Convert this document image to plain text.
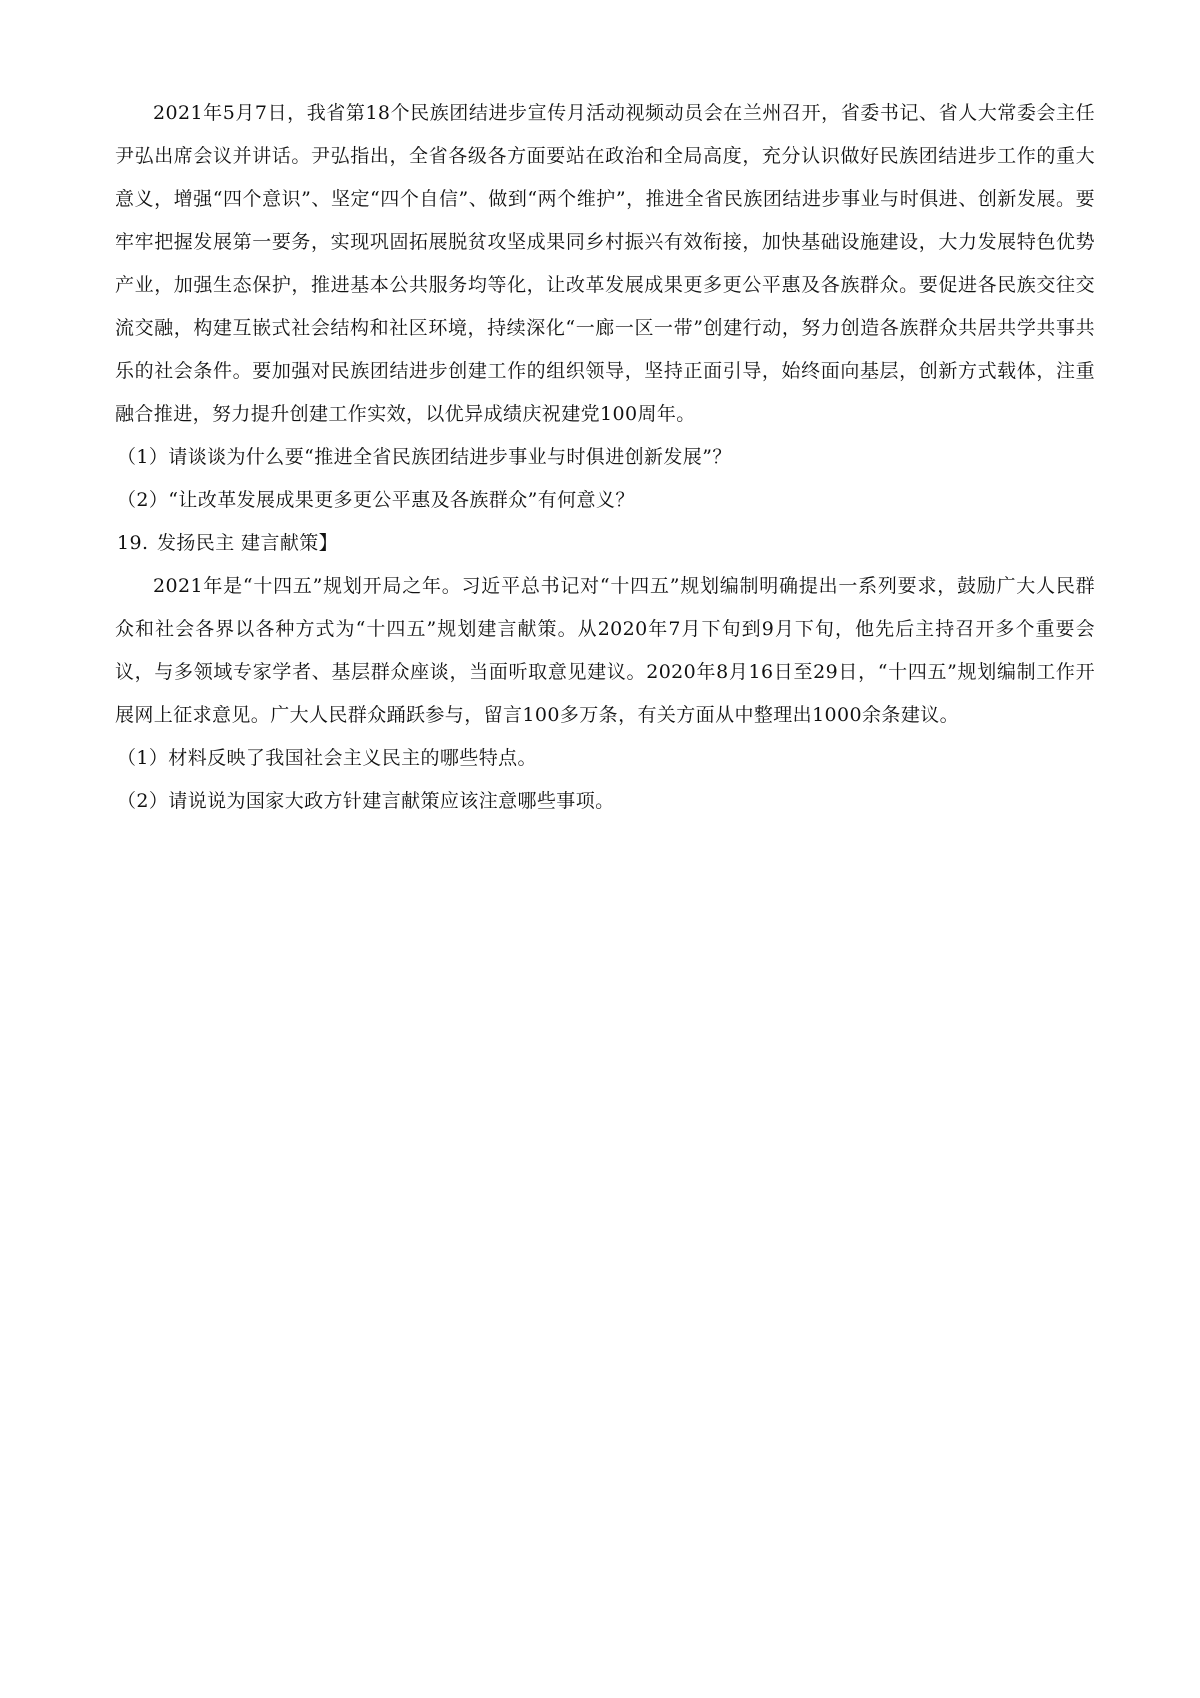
2021年5月7日，我省第18个民族团结进步宣传月活动视频动员会在兰州召开，省委书记、省人大常委会主任尹弘出席会议并讲话。尹弘指出，全省各级各方面要站在政治和全局高度，充分认识做好民族团结进步工作的重大意义，增强“四个意识”、坚定“四个自信”、做到“两个维护”，推进全省民族团结进步事业与时俱进、创新发展。要牢牢把握发展第一要务，实现巩固拓展脱贫攻坚成果同乡村振兴有效衔接，加快基础设施建设，大力发展特色优势产业，加强生态保护，推进基本公共服务均等化，让改革发展成果更多更公平惠及各族群众。要促进各民族交往交流交融，构建互嵌式社会结构和社区环境，持续深化“一廊一区一带”创建行动，努力创造各族群众共居共学共事共乐的社会条件。要加强对民族团结进步创建工作的组织领导，坚持正面引导，始终面向基层，创新方式载体，注重融合推进，努力提升创建工作实效，以优异成绩庆祝建党100周年。

（1）请谈谈为什么要“推进全省民族团结进步事业与时俱进创新发展”？

（2）“让改革发展成果更多更公平惠及各族群众”有何意义？

19. 发扬民主 建言献策】

2021年是“十四五”规划开局之年。习近平总书记对“十四五”规划编制明确提出一系列要求，鼓励广大人民群众和社会各界以各种方式为“十四五”规划建言献策。从2020年7月下旬到9月下旬，他先后主持召开多个重要会议，与多领域专家学者、基层群众座谈，当面听取意见建议。2020年8月16日至29日，“十四五”规划编制工作开展网上征求意见。广大人民群众踊跃参与，留言100多万条，有关方面从中整理出1000余条建议。

（1）材料反映了我国社会主义民主的哪些特点。

（2）请说说为国家大政方针建言献策应该注意哪些事项。
